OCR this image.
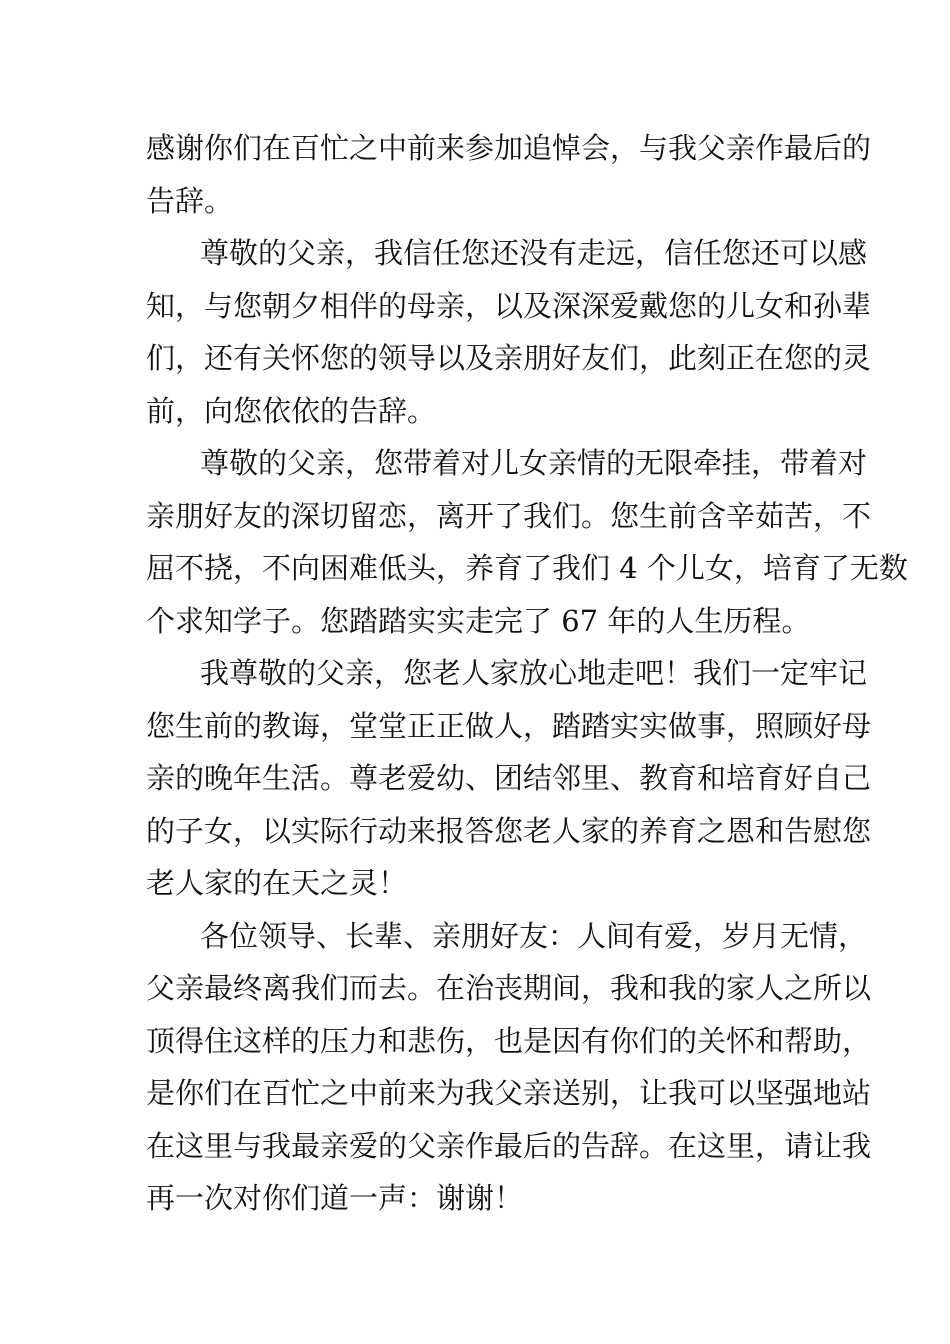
感谢你们在百忙之中前来参加追悼会，与我父亲作最后的
告辞。
尊敬的父亲，我信任您还没有走远，信任您还可以感
知，与您朝夕相伴的母亲，以及深深爱戴您的儿女和孙辈
们，还有关怀您的领导以及亲朋好友们，此刻正在您的灵
前，向您依依的告辞。
尊敬的父亲，您带着对儿女亲情的无限牵挂，带着对
亲朋好友的深切留恋，离开了我们。您生前含辛茹苦，不
屈不挠，不向困难低头，养育了我们 4 个儿女，培育了无数
个求知学子。您踏踏实实走完了 67 年的人生历程。
我尊敬的父亲，您老人家放心地走吧！我们一定牢记
您生前的教诲，堂堂正正做人，踏踏实实做事，照顾好母
亲的晚年生活。尊老爱幼、团结邻里、教育和培育好自己
的子女，以实际行动来报答您老人家的养育之恩和告慰您
老人家的在天之灵！
各位领导、长辈、亲朋好友：人间有爱，岁月无情，
父亲最终离我们而去。在治丧期间，我和我的家人之所以
顶得住这样的压力和悲伤，也是因有你们的关怀和帮助，
是你们在百忙之中前来为我父亲送别，让我可以坚强地站
在这里与我最亲爱的父亲作最后的告辞。在这里，请让我
再一次对你们道一声：谢谢！
